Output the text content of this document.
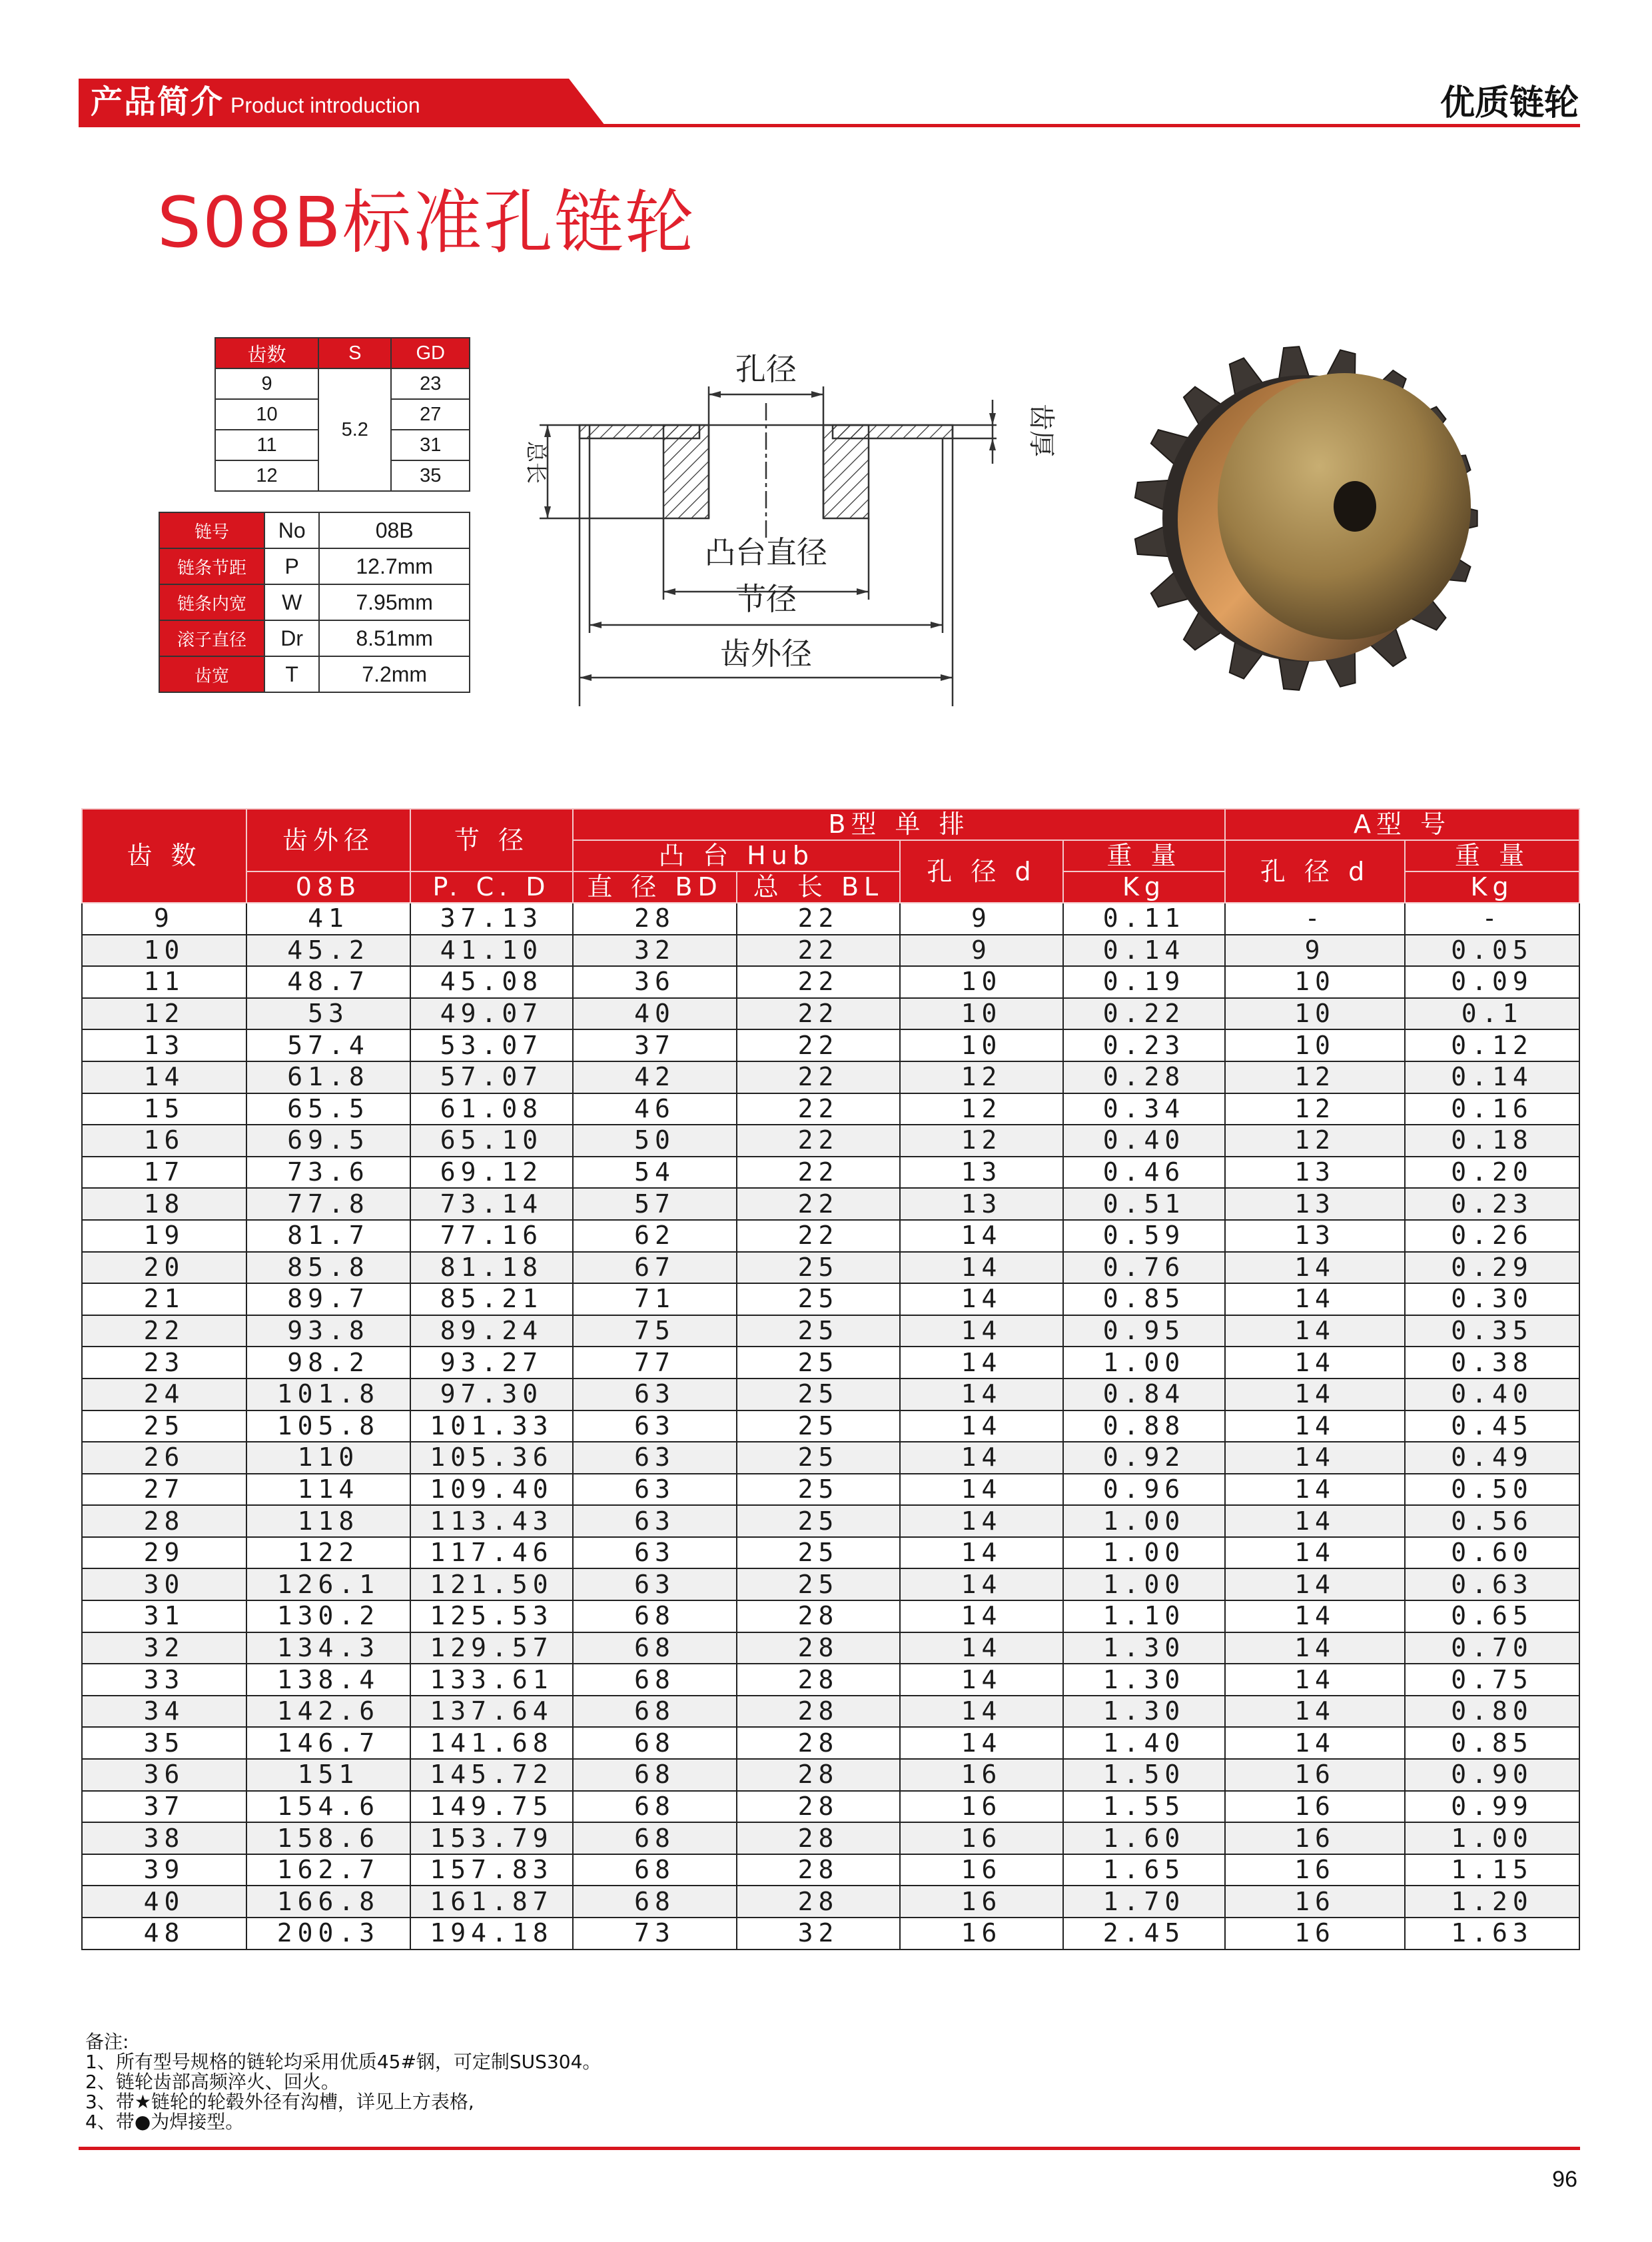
产品简介 Product introduction	优质链轮
S08B标准孔链轮
齿数	S	GD
9	5.2	23
10		27
11		31
12		35
链号	No	08B
链条节距	P	12.7mm
链条内宽	W	7.95mm
滚子直径	Dr	8.51mm
齿宽	T	7.2mm
孔径
凸台直径
节径
齿外径
齿厚
总长
齿 数	齿外径	节 径	B型 单 排				A型 号	
			凸 台 Hub		孔 径 d	重 量	孔 径 d	重 量
	08B	P. C. D	直 径 BD	总 长 BL		Kg		Kg
9	41	37.13	28	22	9	0.11	-	-
10	45.2	41.10	32	22	9	0.14	9	0.05
11	48.7	45.08	36	22	10	0.19	10	0.09
12	53	49.07	40	22	10	0.22	10	0.1
13	57.4	53.07	37	22	10	0.23	10	0.12
14	61.8	57.07	42	22	12	0.28	12	0.14
15	65.5	61.08	46	22	12	0.34	12	0.16
16	69.5	65.10	50	22	12	0.40	12	0.18
17	73.6	69.12	54	22	13	0.46	13	0.20
18	77.8	73.14	57	22	13	0.51	13	0.23
19	81.7	77.16	62	22	14	0.59	13	0.26
20	85.8	81.18	67	25	14	0.76	14	0.29
21	89.7	85.21	71	25	14	0.85	14	0.30
22	93.8	89.24	75	25	14	0.95	14	0.35
23	98.2	93.27	77	25	14	1.00	14	0.38
24	101.8	97.30	63	25	14	0.84	14	0.40
25	105.8	101.33	63	25	14	0.88	14	0.45
26	110	105.36	63	25	14	0.92	14	0.49
27	114	109.40	63	25	14	0.96	14	0.50
28	118	113.43	63	25	14	1.00	14	0.56
29	122	117.46	63	25	14	1.00	14	0.60
30	126.1	121.50	63	25	14	1.00	14	0.63
31	130.2	125.53	68	28	14	1.10	14	0.65
32	134.3	129.57	68	28	14	1.30	14	0.70
33	138.4	133.61	68	28	14	1.30	14	0.75
34	142.6	137.64	68	28	14	1.30	14	0.80
35	146.7	141.68	68	28	14	1.40	14	0.85
36	151	145.72	68	28	16	1.50	16	0.90
37	154.6	149.75	68	28	16	1.55	16	0.99
38	158.6	153.79	68	28	16	1.60	16	1.00
39	162.7	157.83	68	28	16	1.65	16	1.15
40	166.8	161.87	68	28	16	1.70	16	1.20
48	200.3	194.18	73	32	16	2.45	16	1.63
备注:
1、所有型号规格的链轮均采用优质45#钢，可定制SUS304。
2、链轮齿部高频淬火、回火。
3、带★链轮的轮毂外径有沟槽，详见上方表格,
4、带●为焊接型。
96
